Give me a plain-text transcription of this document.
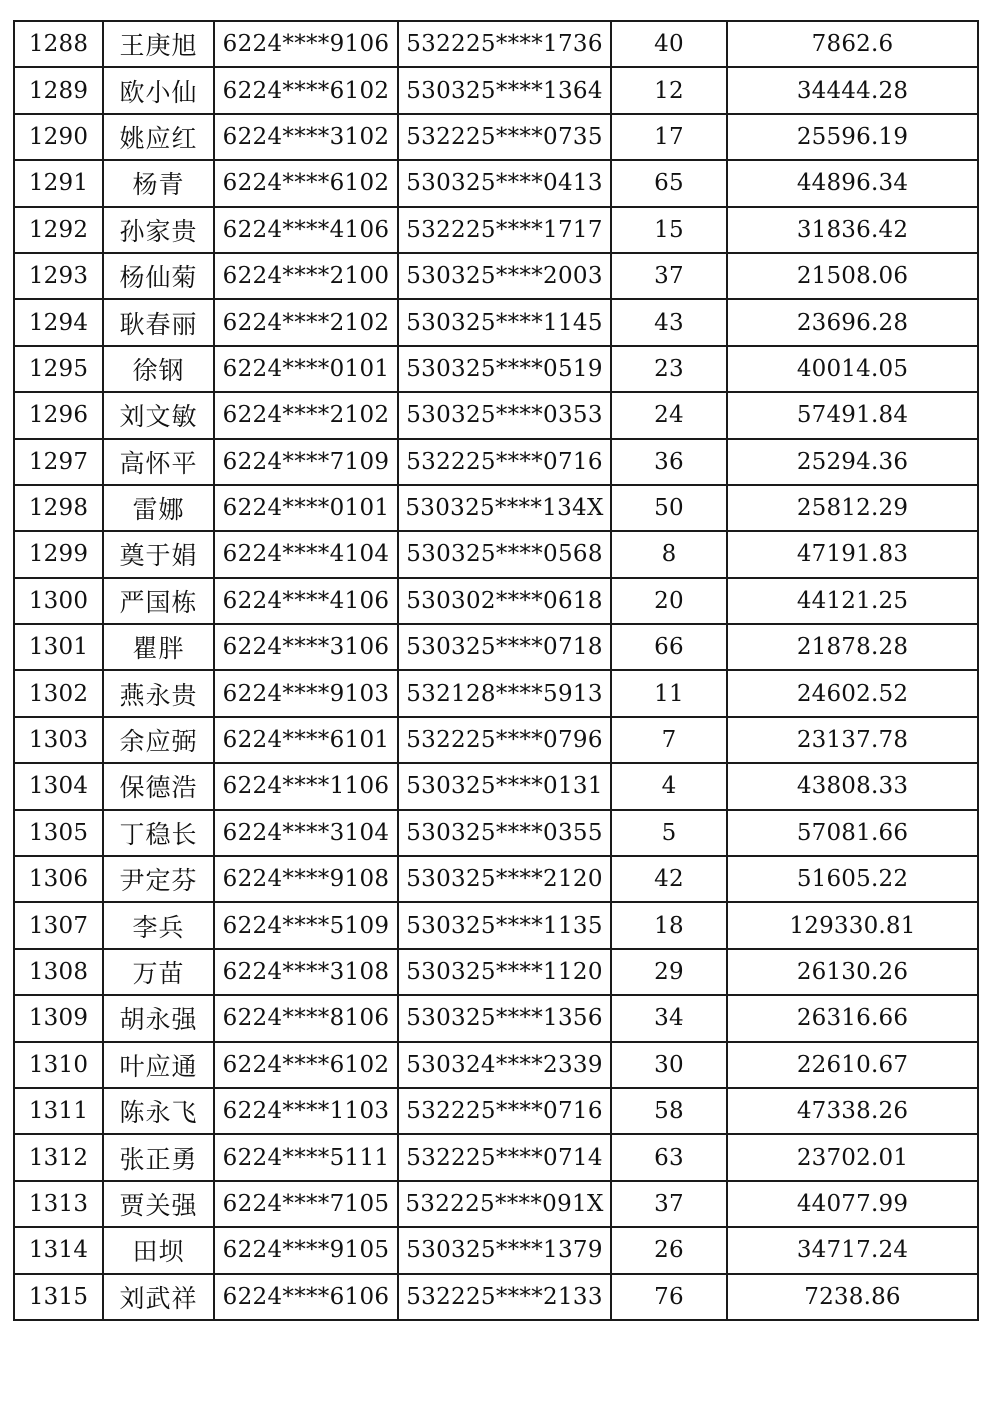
1288	王庚旭	6224****9106	532225****1736	40	7862.6
1289	欧小仙	6224****6102	530325****1364	12	34444.28
1290	姚应红	6224****3102	532225****0735	17	25596.19
1291	杨青	6224****6102	530325****0413	65	44896.34
1292	孙家贵	6224****4106	532225****1717	15	31836.42
1293	杨仙菊	6224****2100	530325****2003	37	21508.06
1294	耿春丽	6224****2102	530325****1145	43	23696.28
1295	徐钢	6224****0101	530325****0519	23	40014.05
1296	刘文敏	6224****2102	530325****0353	24	57491.84
1297	高怀平	6224****7109	532225****0716	36	25294.36
1298	雷娜	6224****0101	530325****134X	50	25812.29
1299	奠于娟	6224****4104	530325****0568	8	47191.83
1300	严国栋	6224****4106	530302****0618	20	44121.25
1301	瞿胖	6224****3106	530325****0718	66	21878.28
1302	燕永贵	6224****9103	532128****5913	11	24602.52
1303	余应弼	6224****6101	532225****0796	7	23137.78
1304	保德浩	6224****1106	530325****0131	4	43808.33
1305	丁稳长	6224****3104	530325****0355	5	57081.66
1306	尹定芬	6224****9108	530325****2120	42	51605.22
1307	李兵	6224****5109	530325****1135	18	129330.81
1308	万苗	6224****3108	530325****1120	29	26130.26
1309	胡永强	6224****8106	530325****1356	34	26316.66
1310	叶应通	6224****6102	530324****2339	30	22610.67
1311	陈永飞	6224****1103	532225****0716	58	47338.26
1312	张正勇	6224****5111	532225****0714	63	23702.01
1313	贾关强	6224****7105	532225****091X	37	44077.99
1314	田坝	6224****9105	530325****1379	26	34717.24
1315	刘武祥	6224****6106	532225****2133	76	7238.86
